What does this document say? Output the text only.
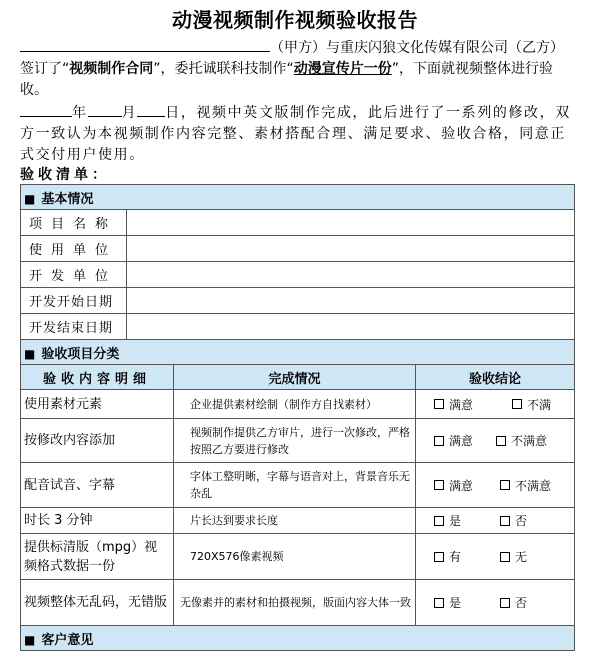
动漫视频制作视频验收报告

（甲方）与重庆闪狼文化传媒有限公司（乙方）签订了“视频制作合同”，委托诚联科技制作“动漫宣传片一份”，下面就视频整体进行验收。

年 月 日，视频中英文版制作完成，此后进行了一系列的修改，双方一致认为本视频制作内容完整、素材搭配合理、满足要求、验收合格，同意正式交付用户使用。

验收清单：
■ 基本情况			
项目名称			
使用单位			
开发单位			
开发开始日期			
开发结束日期			
■ 验收项目分类			
验收内容明细		完成情况	验收结论
使用素材元素		企业提供素材绘制（制作方自找素材）	满意 不满
按修改内容添加		视频制作提供乙方审片，进行一次修改，严格按照乙方要进行修改	满意 不满意
配音试音、字幕		字体工整明晰，字幕与语音对上，背景音乐无杂乱	满意 不满意
时长 3 分钟		片长达到要求长度	是 否
提供标清版（mpg）视频格式数据一份		720X576像素视频	有 无
视频整体无乱码，无错版		无像素并的素材和拍摄视频，版面内容大体一致	是 否
■ 客户意见			
